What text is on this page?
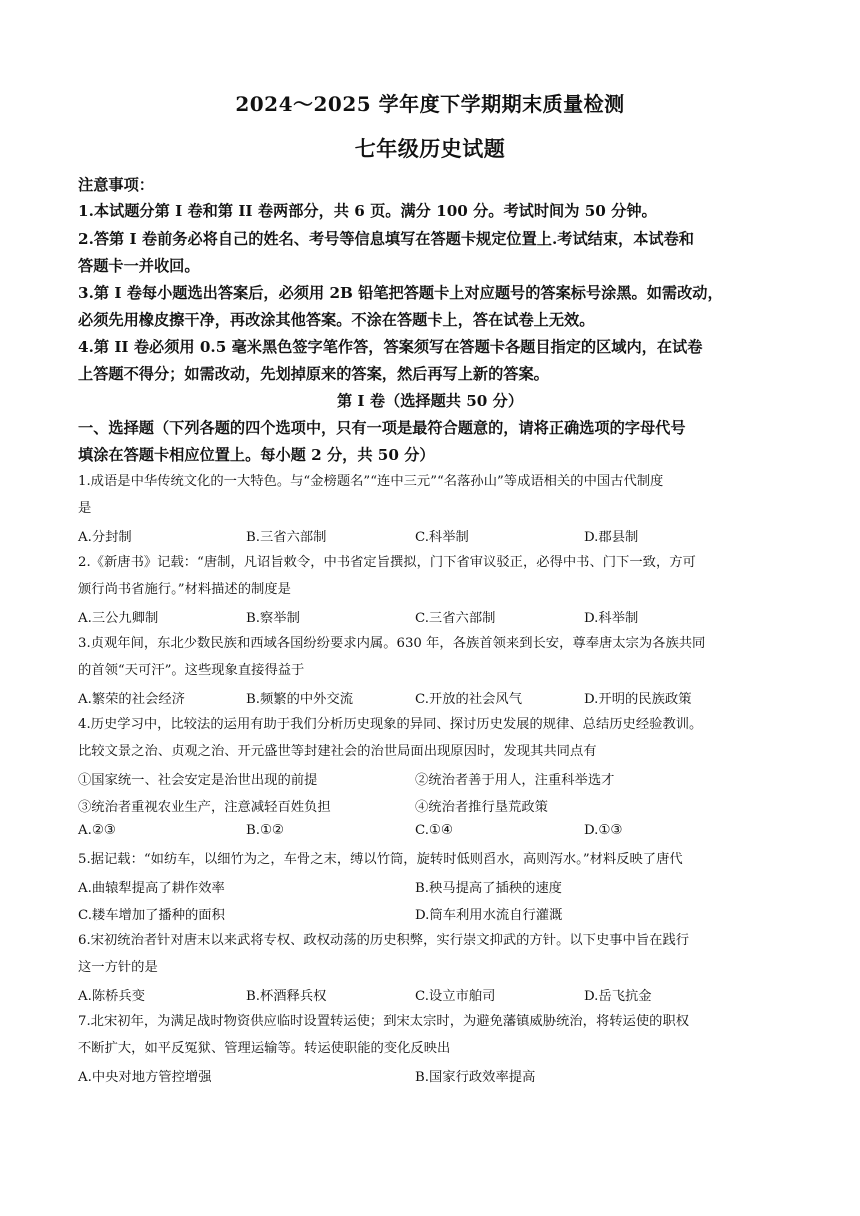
2024～2025 学年度下学期期末质量检测
七年级历史试题
注意事项：
1.本试题分第 I 卷和第 II 卷两部分，共 6 页。满分 100 分。考试时间为 50 分钟。
2.答第 I 卷前务必将自己的姓名、考号等信息填写在答题卡规定位置上.考试结束，本试卷和
答题卡一并收回。
3.第 I 卷每小题选出答案后，必须用 2B 铅笔把答题卡上对应题号的答案标号涂黑。如需改动，
必须先用橡皮擦干净，再改涂其他答案。不涂在答题卡上，答在试卷上无效。
4.第 II 卷必须用 0.5 毫米黑色签字笔作答，答案须写在答题卡各题目指定的区域内，在试卷
上答题不得分；如需改动，先划掉原来的答案，然后再写上新的答案。
第 I 卷（选择题共 50 分）
一、选择题（下列各题的四个选项中，只有一项是最符合题意的，请将正确选项的字母代号
填涂在答题卡相应位置上。每小题 2 分，共 50 分）
1.成语是中华传统文化的一大特色。与“金榜题名”“连中三元”“名落孙山”等成语相关的中国古代制度
是
A.分封制	B.三省六部制	C.科举制	D.郡县制
2.《新唐书》记载：“唐制，凡诏旨敕令，中书省定旨撰拟，门下省审议驳正，必得中书、门下一致，方可
颁行尚书省施行。”材料描述的制度是
A.三公九卿制	B.察举制	C.三省六部制	D.科举制
3.贞观年间，东北少数民族和西域各国纷纷要求内属。630 年，各族首领来到长安，尊奉唐太宗为各族共同
的首领“天可汗”。这些现象直接得益于
A.繁荣的社会经济	B.频繁的中外交流	C.开放的社会风气	D.开明的民族政策
4.历史学习中，比较法的运用有助于我们分析历史现象的异同、探讨历史发展的规律、总结历史经验教训。
比较文景之治、贞观之治、开元盛世等封建社会的治世局面出现原因时，发现其共同点有
①国家统一、社会安定是治世出现的前提	②统治者善于用人，注重科举选才
③统治者重视农业生产，注意减轻百姓负担	④统治者推行垦荒政策
A.②③	B.①②	C.①④	D.①③
5.据记载：“如纺车，以细竹为之，车骨之末，缚以竹筒，旋转时低则舀水，高则泻水。”材料反映了唐代
A.曲辕犁提高了耕作效率	B.秧马提高了插秧的速度
C.耧车增加了播种的面积	D.筒车利用水流自行灌溉
6.宋初统治者针对唐末以来武将专权、政权动荡的历史积弊，实行崇文抑武的方针。以下史事中旨在践行
这一方针的是
A.陈桥兵变	B.杯酒释兵权	C.设立市舶司	D.岳飞抗金
7.北宋初年，为满足战时物资供应临时设置转运使；到宋太宗时，为避免藩镇威胁统治，将转运使的职权
不断扩大，如平反冤狱、管理运输等。转运使职能的变化反映出
A.中央对地方管控增强	B.国家行政效率提高
